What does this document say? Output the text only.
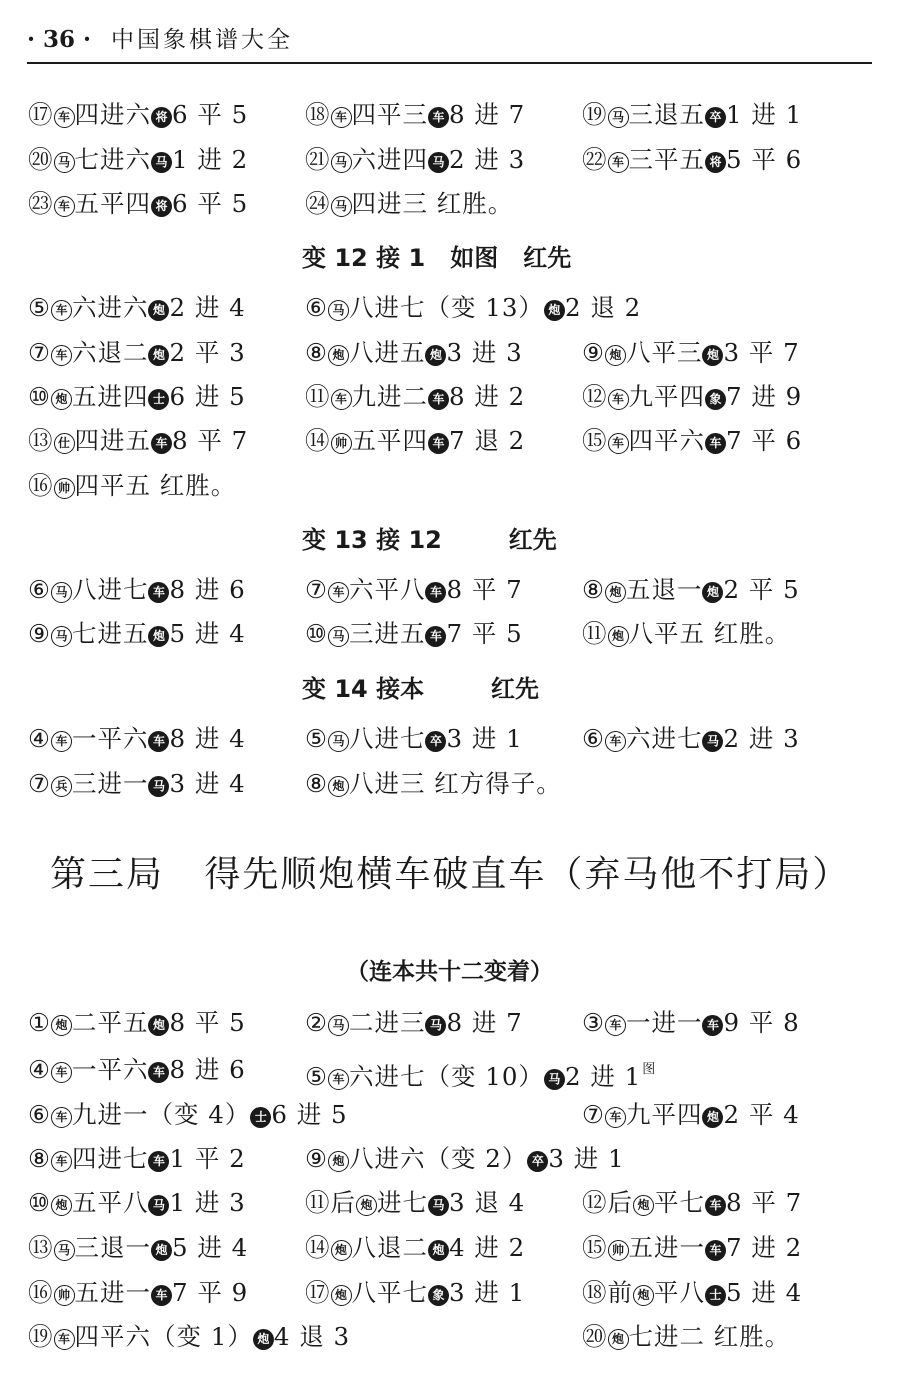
· 36 · 中国象棋谱大全
⑰ 车 四进六 将 6 平 5 ⑱ 车 四平三 车 8 进 7 ⑲ 马 三退五 卒 1 进 1
⑳ 马 七进六 马 1 进 2 ㉑ 马 六进四 马 2 进 3 ㉒ 车 三平五 将 5 平 6
㉓ 车 五平四 将 6 平 5 ㉔ 马 四进三 红胜。
变 12 接 1   如图   红先
⑤ 车 六进六 炮 2 进 4 ⑥ 马 八进七（变 13） 炮 2 退 2
⑦ 车 六退二 炮 2 平 3 ⑧ 炮 八进五 炮 3 进 3 ⑨ 炮 八平三 炮 3 平 7
⑩ 炮 五进四 士 6 进 5 ⑪ 车 九进二 车 8 进 2 ⑫ 车 九平四 象 7 进 9
⑬ 仕 四进五 车 8 平 7 ⑭ 帅 五平四 车 7 退 2 ⑮ 车 四平六 车 7 平 6
⑯ 帅 四平五 红胜。
变 13 接 12        红先
⑥ 马 八进七 车 8 进 6 ⑦ 车 六平八 车 8 平 7 ⑧ 炮 五退一 炮 2 平 5
⑨ 马 七进五 炮 5 进 4 ⑩ 马 三进五 车 7 平 5 ⑪ 炮 八平五 红胜。
变 14 接本        红先
④ 车 一平六 车 8 进 4 ⑤ 马 八进七 卒 3 进 1 ⑥ 车 六进七 马 2 进 3
⑦ 兵 三进一 马 3 进 4 ⑧ 炮 八进三 红方得子。
① 炮 二平五 炮 8 平 5 ② 马 二进三 马 8 进 7 ③ 车 一进一 车 9 平 8
④ 车 一平六 车 8 进 6 ⑤ 车 六进七（变 10） 马 2 进 $1^图$
⑥ 车 九进一（变 4） 士 6 进 5	⑦ 车 九平四 炮 2 平 4
⑧ 车 四进七 车 1 平 2 ⑨ 炮 八进六（变 2） 卒 3 进 1
⑩ 炮 五平八 马 1 进 3 ⑪后 炮 进七 马 3 退 4 ⑫后 炮 平七 车 8 平 7
⑬ 马 三退一 炮 5 进 4 ⑭ 炮 八退二 炮 4 进 2 ⑮ 帅 五进一 车 7 进 2
⑯ 帅 五进一 车 7 平 9 ⑰ 炮 八平七 象 3 进 1 ⑱前 炮 平八 士 5 进 4
⑲ 车 四平六（变 1） 炮 4 退 3	⑳ 炮 七进二 红胜。
第三局   得先顺炮横车破直车（弃马他不打局）
（连本共十二变着）
